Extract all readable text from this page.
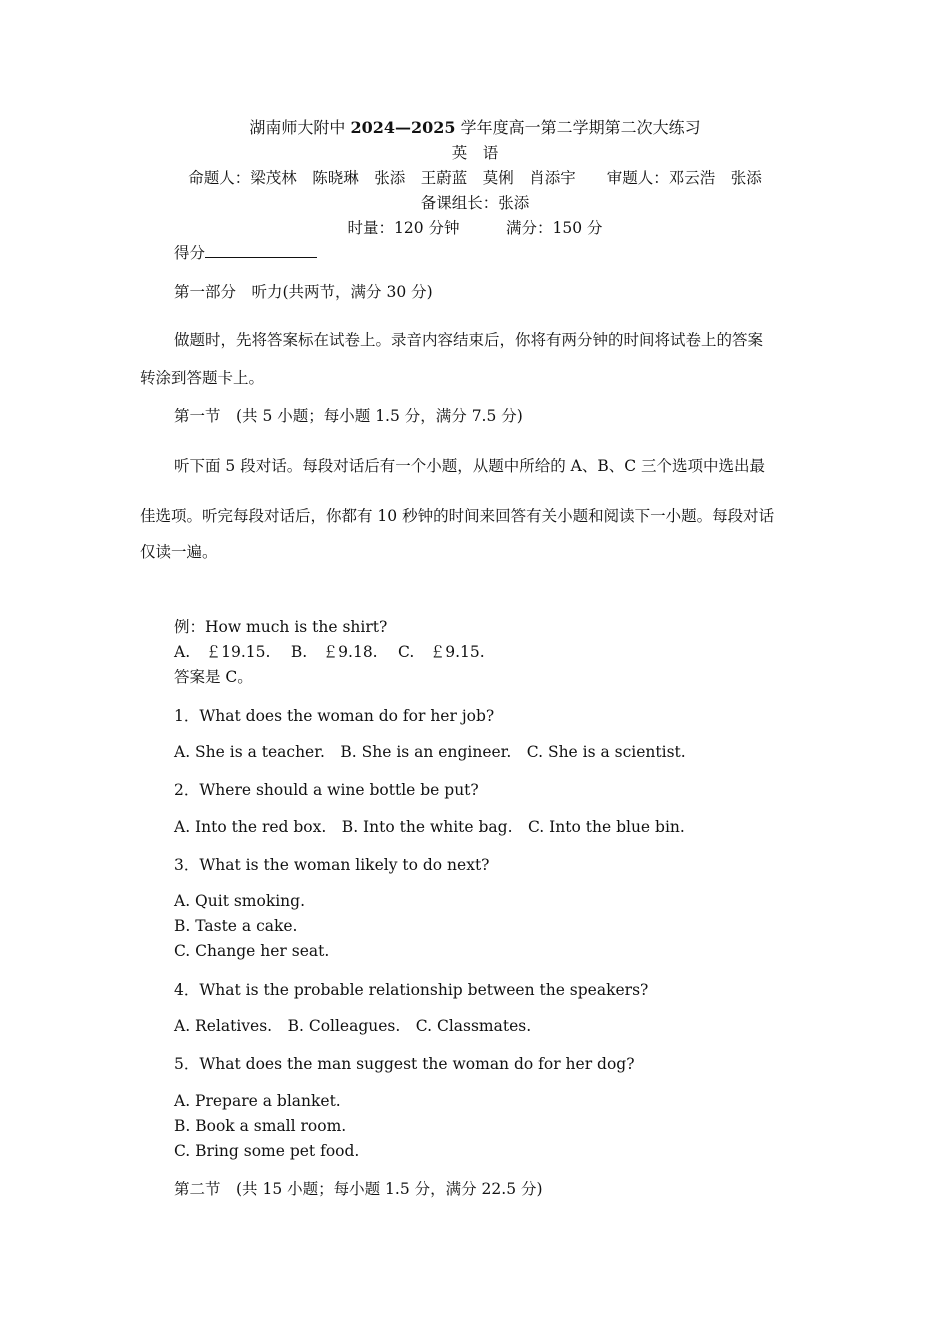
湖南师大附中 2024—2025 学年度高一第二学期第二次大练习
英　语
命题人：梁茂林　陈晓琳　张添　王蔚蓝　莫俐　肖添宇　　审题人：邓云浩　张添
备课组长：张添
时量：120 分钟　　　满分：150 分
得分
第一部分　听力(共两节，满分 30 分)
做题时，先将答案标在试卷上。录音内容结束后，你将有两分钟的时间将试卷上的答案
转涂到答题卡上。
第一节　(共 5 小题；每小题 1.5 分，满分 7.5 分)
听下面 5 段对话。每段对话后有一个小题，从题中所给的 A、B、C 三个选项中选出最
佳选项。听完每段对话后，你都有 10 秒钟的时间来回答有关小题和阅读下一小题。每段对话
仅读一遍。
例：How much is the shirt?
A.　￡19.15.　 B.　￡9.18.　 C.　￡9.15.
答案是 C。
1．What does the woman do for her job?
A. She is a teacher.　B. She is an engineer.　C. She is a scientist.
2．Where should a wine bottle be put?
A. Into the red box.　B. Into the white bag.　C. Into the blue bin.
3．What is the woman likely to do next?
A. Quit smoking.
B. Taste a cake.
C. Change her seat.
4．What is the probable relationship between the speakers?
A. Relatives.　B. Colleagues.　C. Classmates.
5．What does the man suggest the woman do for her dog?
A. Prepare a blanket.
B. Book a small room.
C. Bring some pet food.
第二节　(共 15 小题；每小题 1.5 分，满分 22.5 分)
